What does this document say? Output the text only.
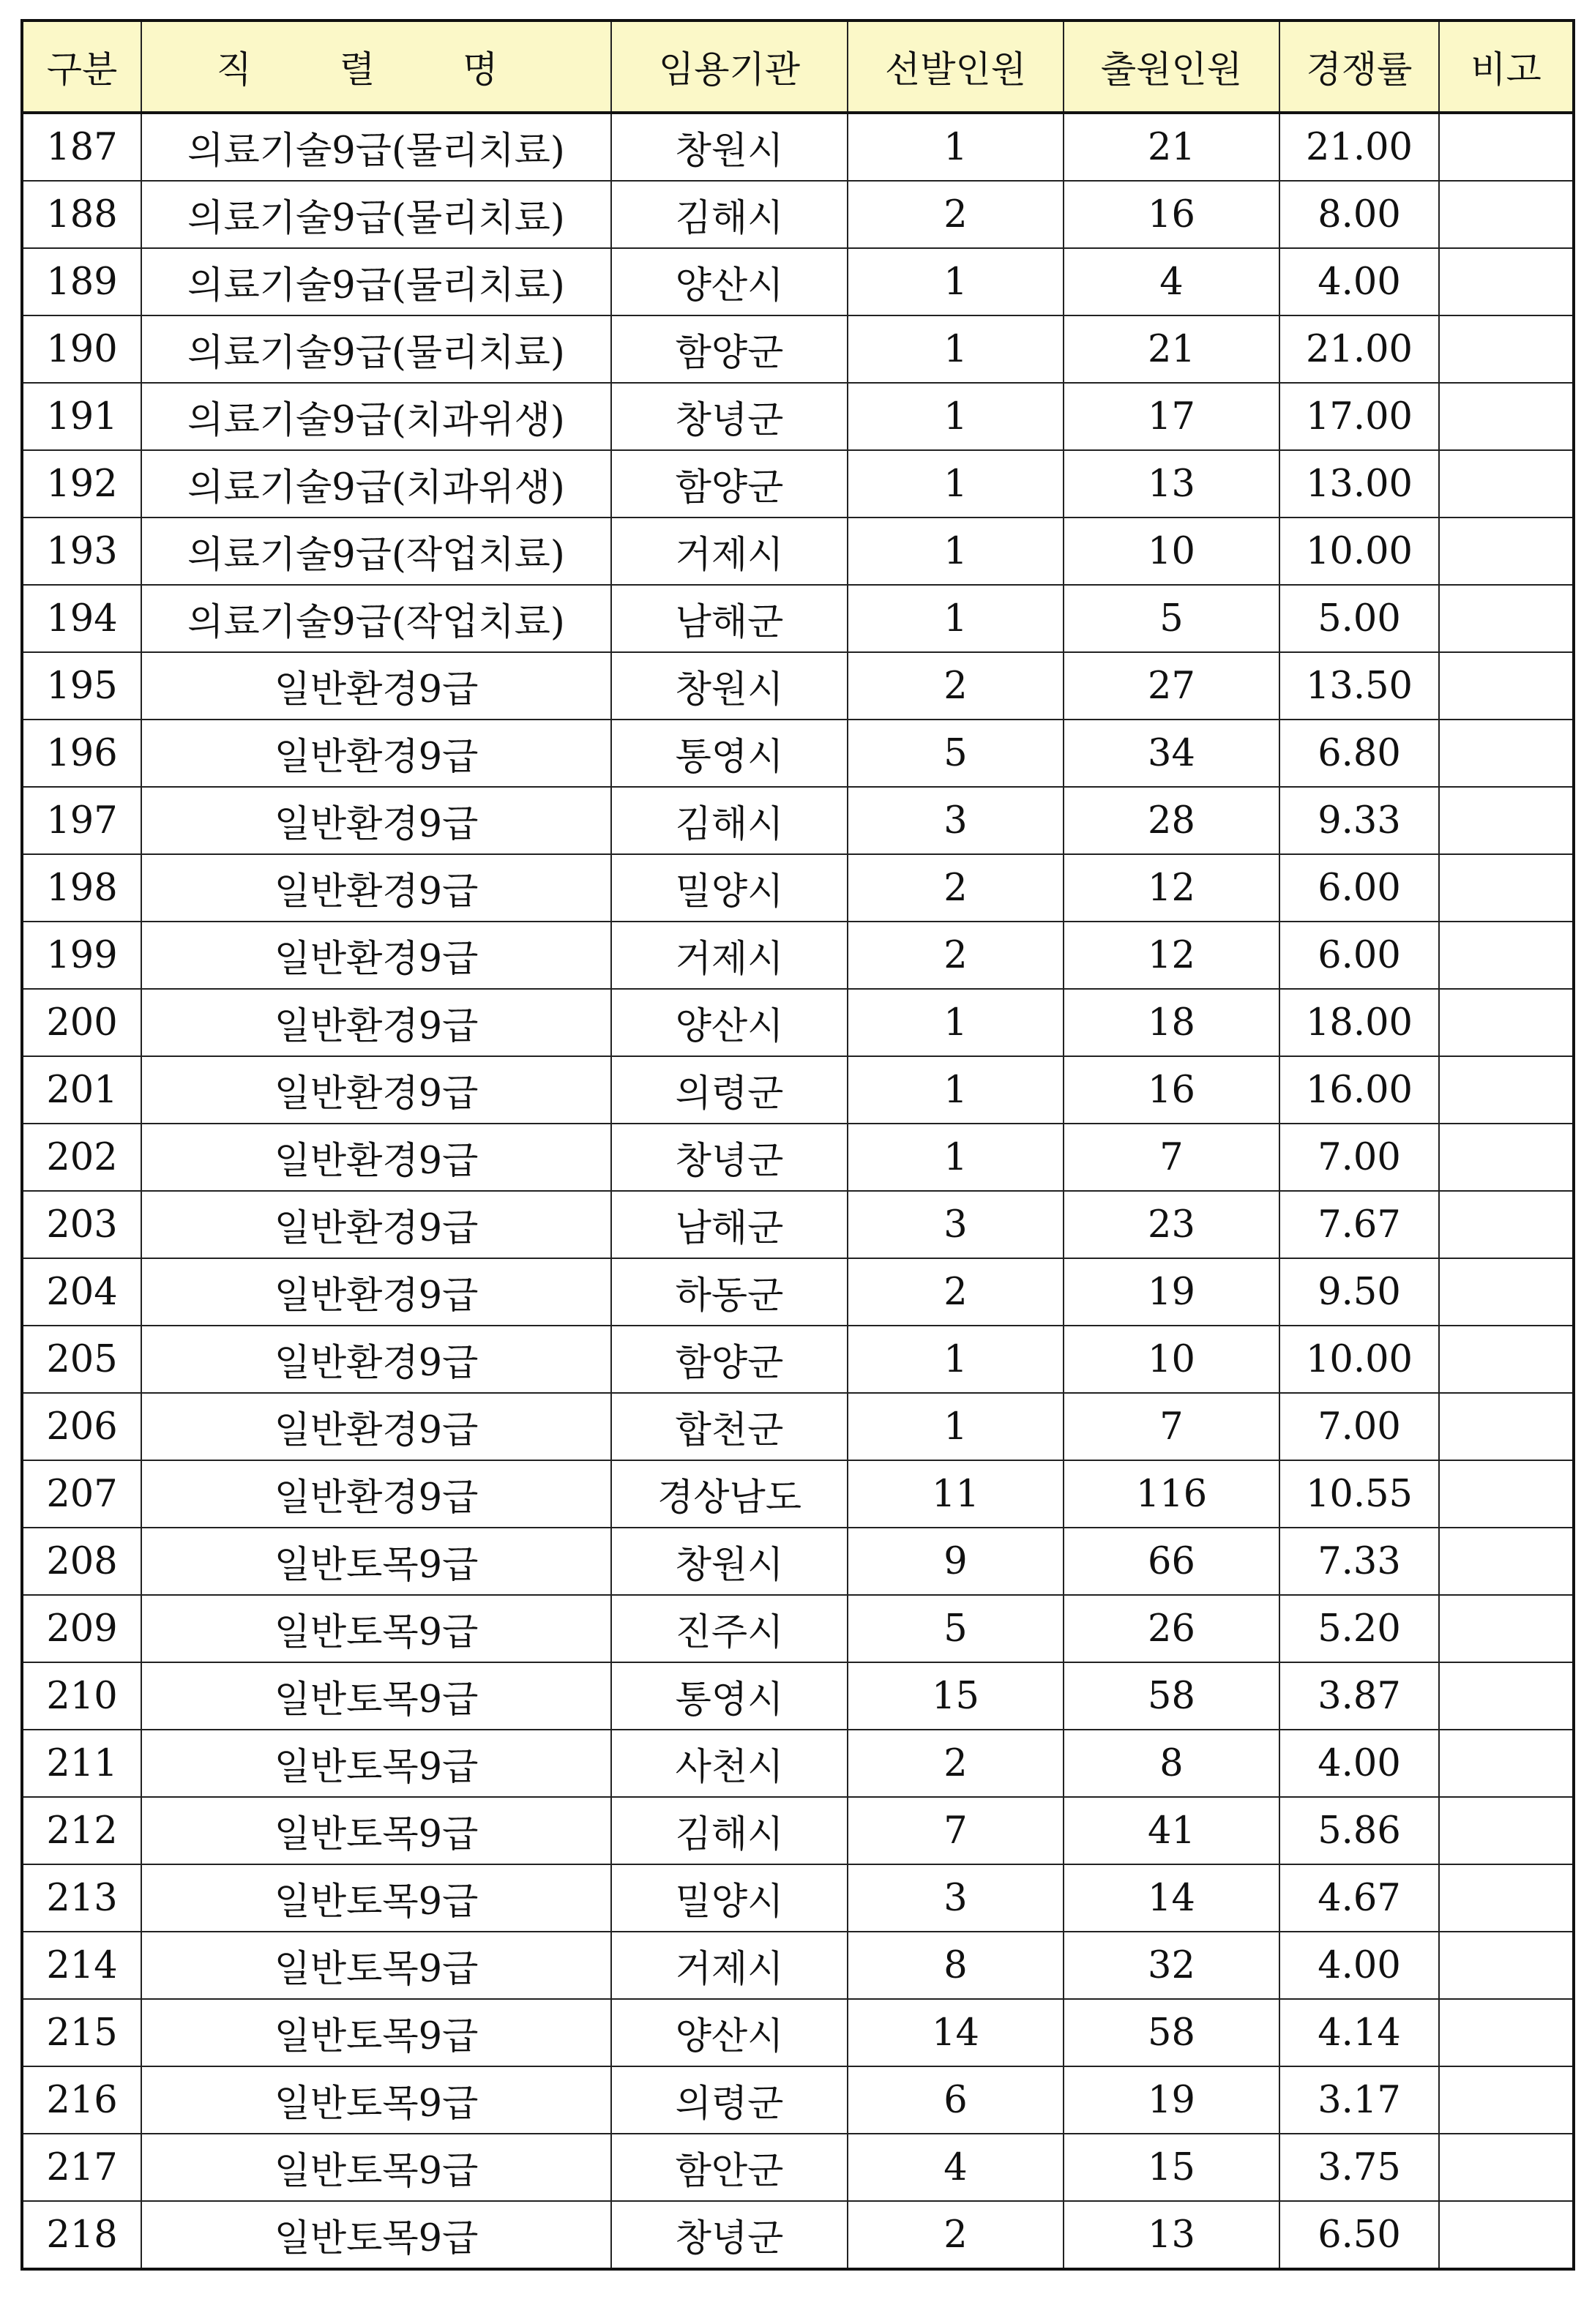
구분	직 렬 명	임용기관	선발인원	출원인원	경쟁률	비고
187	의료기술9급(물리치료)	창원시	1	21	21.00	
188	의료기술9급(물리치료)	김해시	2	16	8.00	
189	의료기술9급(물리치료)	양산시	1	4	4.00	
190	의료기술9급(물리치료)	함양군	1	21	21.00	
191	의료기술9급(치과위생)	창녕군	1	17	17.00	
192	의료기술9급(치과위생)	함양군	1	13	13.00	
193	의료기술9급(작업치료)	거제시	1	10	10.00	
194	의료기술9급(작업치료)	남해군	1	5	5.00	
195	일반환경9급	창원시	2	27	13.50	
196	일반환경9급	통영시	5	34	6.80	
197	일반환경9급	김해시	3	28	9.33	
198	일반환경9급	밀양시	2	12	6.00	
199	일반환경9급	거제시	2	12	6.00	
200	일반환경9급	양산시	1	18	18.00	
201	일반환경9급	의령군	1	16	16.00	
202	일반환경9급	창녕군	1	7	7.00	
203	일반환경9급	남해군	3	23	7.67	
204	일반환경9급	하동군	2	19	9.50	
205	일반환경9급	함양군	1	10	10.00	
206	일반환경9급	합천군	1	7	7.00	
207	일반환경9급	경상남도	11	116	10.55	
208	일반토목9급	창원시	9	66	7.33	
209	일반토목9급	진주시	5	26	5.20	
210	일반토목9급	통영시	15	58	3.87	
211	일반토목9급	사천시	2	8	4.00	
212	일반토목9급	김해시	7	41	5.86	
213	일반토목9급	밀양시	3	14	4.67	
214	일반토목9급	거제시	8	32	4.00	
215	일반토목9급	양산시	14	58	4.14	
216	일반토목9급	의령군	6	19	3.17	
217	일반토목9급	함안군	4	15	3.75	
218	일반토목9급	창녕군	2	13	6.50	
